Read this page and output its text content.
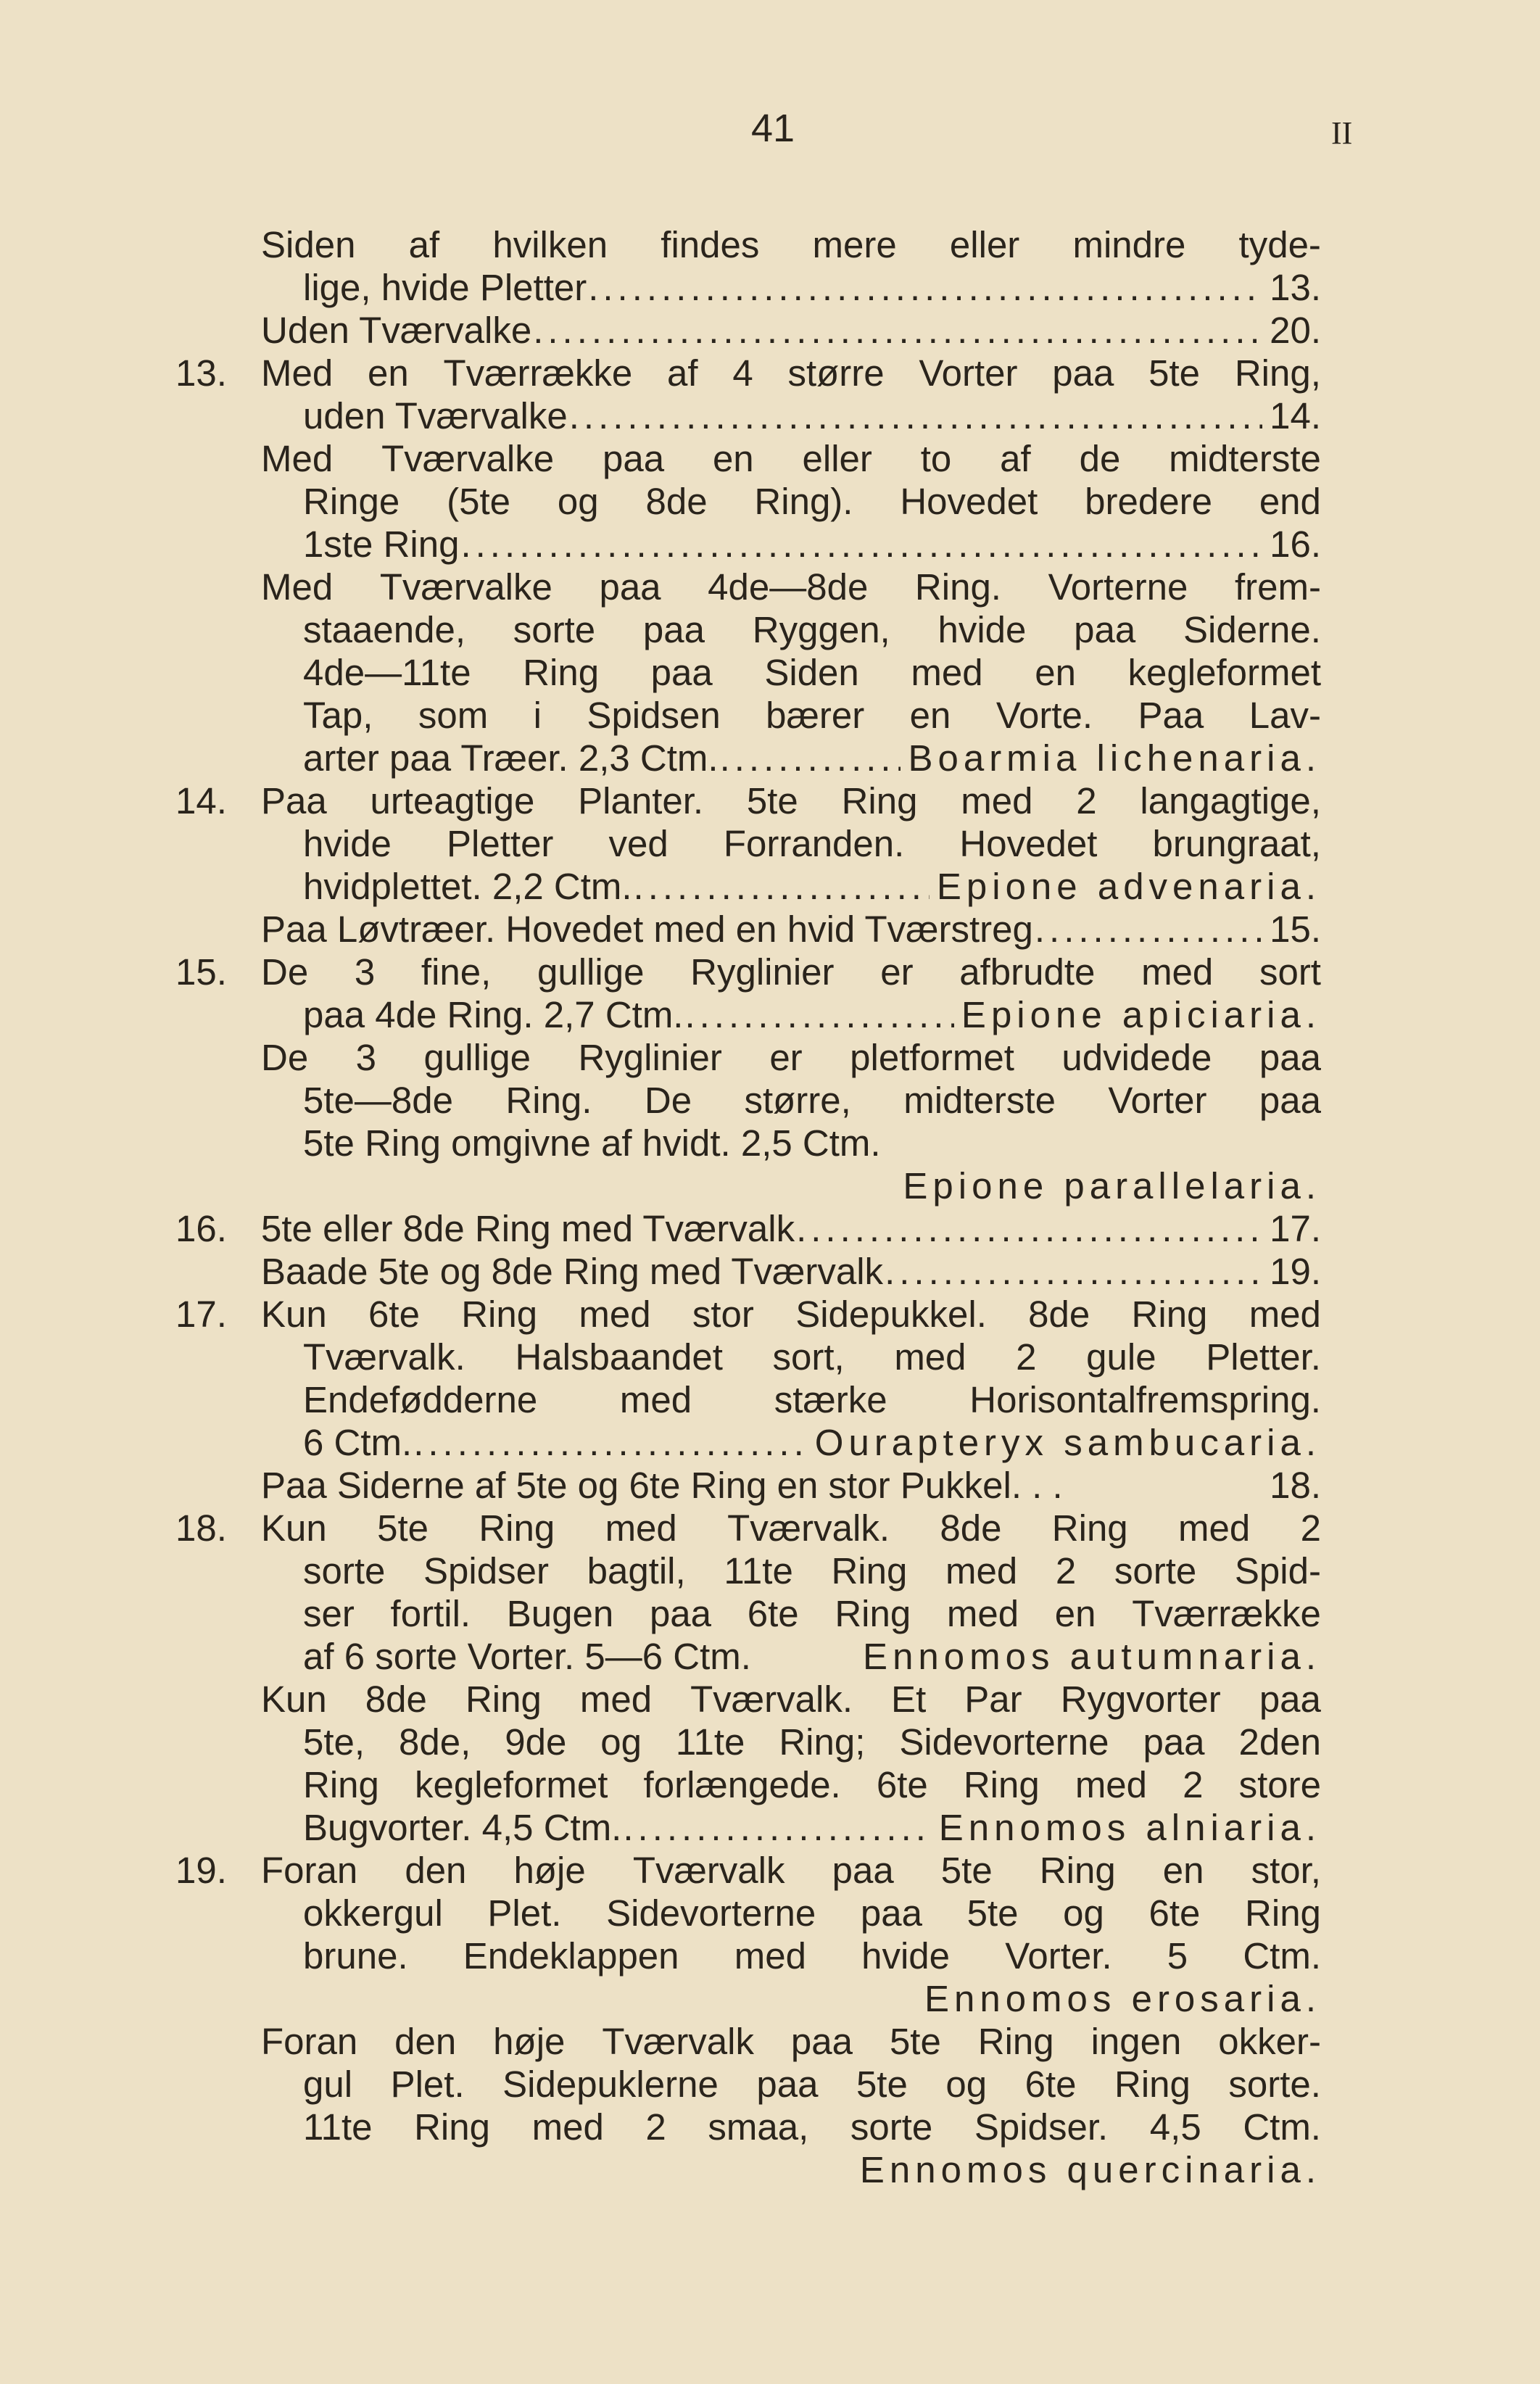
41	II
Siden af hvilken findes mere eller mindre tyde-
lige, hvide Pletter .....	13.
Uden Tværvalke .....	20.
13. Med en Tværrække af 4 større Vorter paa 5te Ring,
uden Tværvalke .....	14.
Med Tværvalke paa en eller to af de midterste
Ringe (5te og 8de Ring). Hovedet bredere end
1ste Ring .....	16.
Med Tværvalke paa 4de—8de Ring. Vorterne frem-
staaende, sorte paa Ryggen, hvide paa Siderne.
4de—11te Ring paa Siden med en kegleformet
Tap, som i Spidsen bærer en Vorte. Paa Lav-
arter paa Træer. 2,3 Ctm. .....	Boarmia lichenaria.
14. Paa urteagtige Planter. 5te Ring med 2 langagtige,
hvide Pletter ved Forranden. Hovedet brungraat,
hvidplettet. 2,2 Ctm. .....	Epione advenaria.
Paa Løvtræer. Hovedet med en hvid Tværstreg .....	15.
15. De 3 fine, gullige Ryglinier er afbrudte med sort
paa 4de Ring. 2,7 Ctm. .....	Epione apiciaria.
De 3 gullige Ryglinier er pletformet udvidede paa
5te—8de Ring. De større, midterste Vorter paa
5te Ring omgivne af hvidt. 2,5 Ctm.
Epione parallelaria.
16. 5te eller 8de Ring med Tværvalk .....	17.
Baade 5te og 8de Ring med Tværvalk .....	19.
17. Kun 6te Ring med stor Sidepukkel. 8de Ring med
Tværvalk. Halsbaandet sort, med 2 gule Pletter.
Endefødderne med stærke Horisontalfremspring.
6 Ctm. .....	Ourapteryx sambucaria.
Paa Siderne af 5te og 6te Ring en stor Pukkel. . .	18.
18. Kun 5te Ring med Tværvalk. 8de Ring med 2
sorte Spidser bagtil, 11te Ring med 2 sorte Spid-
ser fortil. Bugen paa 6te Ring med en Tværrække
af 6 sorte Vorter. 5—6 Ctm.	Ennomos autumnaria.
Kun 8de Ring med Tværvalk. Et Par Rygvorter paa
5te, 8de, 9de og 11te Ring; Sidevorterne paa 2den
Ring kegleformet forlængede. 6te Ring med 2 store
Bugvorter. 4,5 Ctm. .....	Ennomos alniaria.
19. Foran den høje Tværvalk paa 5te Ring en stor,
okkergul Plet. Sidevorterne paa 5te og 6te Ring
brune. Endeklappen med hvide Vorter. 5 Ctm.
Ennomos erosaria.
Foran den høje Tværvalk paa 5te Ring ingen okker-
gul Plet. Sidepuklerne paa 5te og 6te Ring sorte.
11te Ring med 2 smaa, sorte Spidser. 4,5 Ctm.
Ennomos quercinaria.
